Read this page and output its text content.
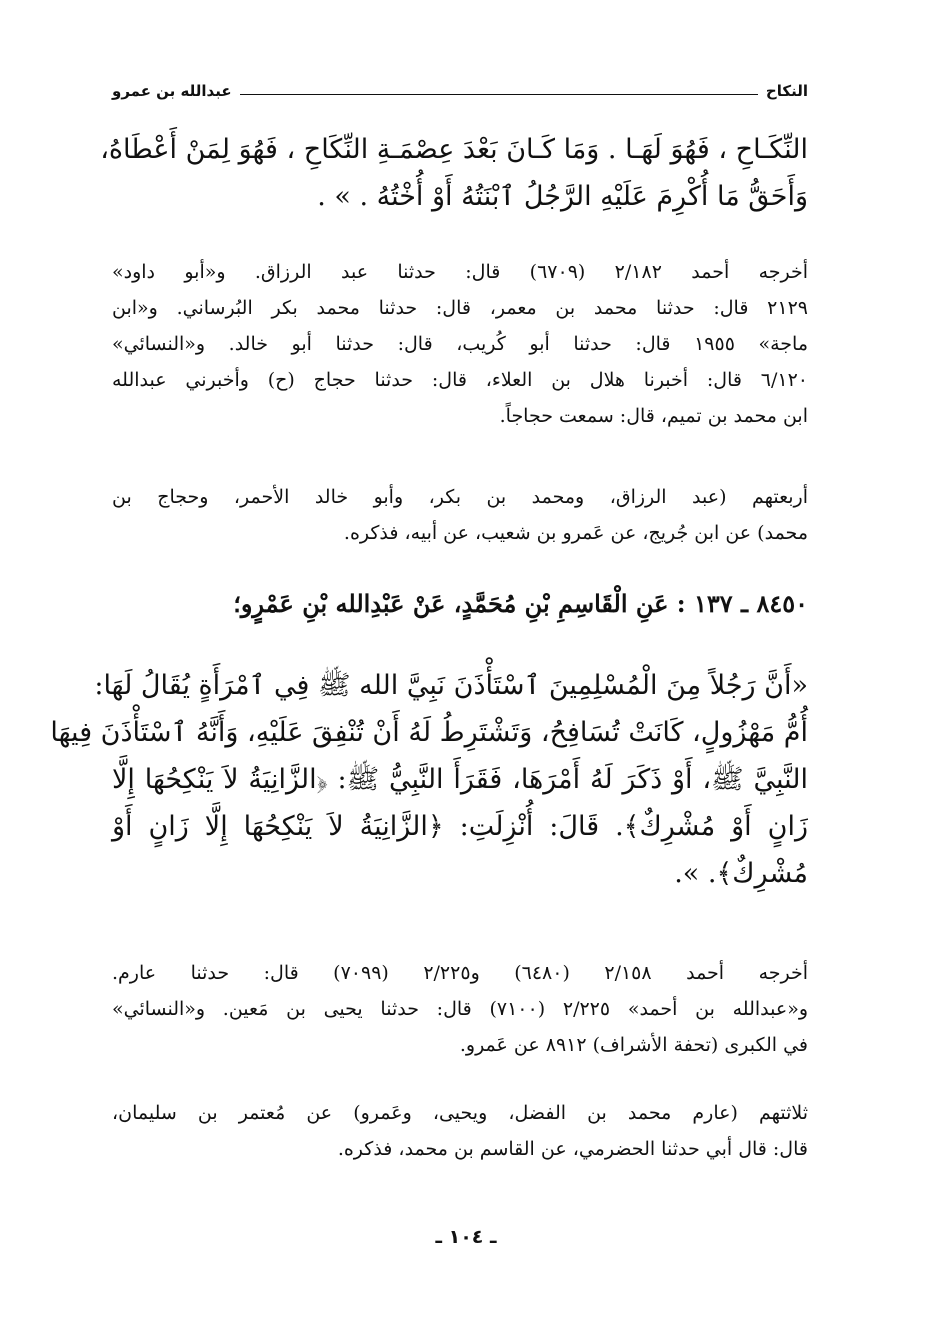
النكاح
عبدالله بن عمرو
النِّكَـاحِ ، فَهُوَ لَهَـا . وَمَا كَـانَ بَعْدَ عِصْمَـةِ النِّكَاحِ ، فَهُوَ لِمَنْ أَعْطَاهُ،
وَأَحَقُّ مَا أُكْرِمَ عَلَيْهِ الرَّجُلُ ٱبْنَتُهُ أَوْ أُخْتُهُ . » .
أخرجه أحمد ٢/١٨٢ (٦٧٠٩) قال: حدثنا عبد الرزاق. و«أبو داود»
٢١٢٩ قال: حدثنا محمد بن معمر، قال: حدثنا محمد بكر البُرساني. و«ابن
ماجة» ١٩٥٥ قال: حدثنا أبو كُريب، قال: حدثنا أبو خالد. و«النسائي»
٦/١٢٠ قال: أخبرنا هلال بن العلاء، قال: حدثنا حجاج (ح) وأخبرني عبدالله
ابن محمد بن تميم، قال: سمعت حجاجاً.
أربعتهم (عبد الرزاق، ومحمد بن بكر، وأبو خالد الأحمر، وحجاج بن
محمد) عن ابن جُريج، عن عَمرو بن شعيب، عن أبيه، فذكره.
٨٤٥٠ ـ ١٣٧ : عَنِ الْقَاسِمِ بْنِ مُحَمَّدٍ، عَنْ عَبْدِالله بْنِ عَمْرٍو؛
«أَنَّ رَجُلاً مِنَ الْمُسْلِمِينَ ٱسْتَأْذَنَ نَبِيَّ الله ﷺ فِي ٱمْرَأَةٍ يُقَالُ لَهَا:
أُمُّ مَهْزُولٍ، كَانَتْ تُسَافِحُ، وَتَشْتَرِطُ لَهُ أَنْ تُنْفِقَ عَلَيْهِ، وَأَنَّهُ ٱسْتَأْذَنَ فِيهَا
النَّبِيَّ ﷺ، أَوْ ذَكَرَ لَهُ أَمْرَهَا، فَقَرَأَ النَّبِيُّ ﷺ: ﴿الزَّانِيَةُ لاَ يَنْكِحُهَا إِلَّا
زَانٍ أَوْ مُشْرِكٌ﴾. قَالَ: أُنْزِلَتِ: ﴿الزَّانِيَةُ لاَ يَنْكِحُهَا إِلَّا زَانٍ أَوْ
مُشْرِكٌ﴾. ».
أخرجه أحمد ٢/١٥٨ (٦٤٨٠) و٢/٢٢٥ (٧٠٩٩) قال: حدثنا عارم.
و«عبدالله بن أحمد» ٢/٢٢٥ (٧١٠٠) قال: حدثنا يحيى بن مَعين. و«النسائي»
في الكبرى (تحفة الأشراف) ٨٩١٢ عن عَمرو.
ثلاثتهم (عارم محمد بن الفضل، ويحيى، وعَمرو) عن مُعتمر بن سليمان،
قال: قال أبي حدثنا الحضرمي، عن القاسم بن محمد، فذكره.
ـ ١٠٤ ـ
